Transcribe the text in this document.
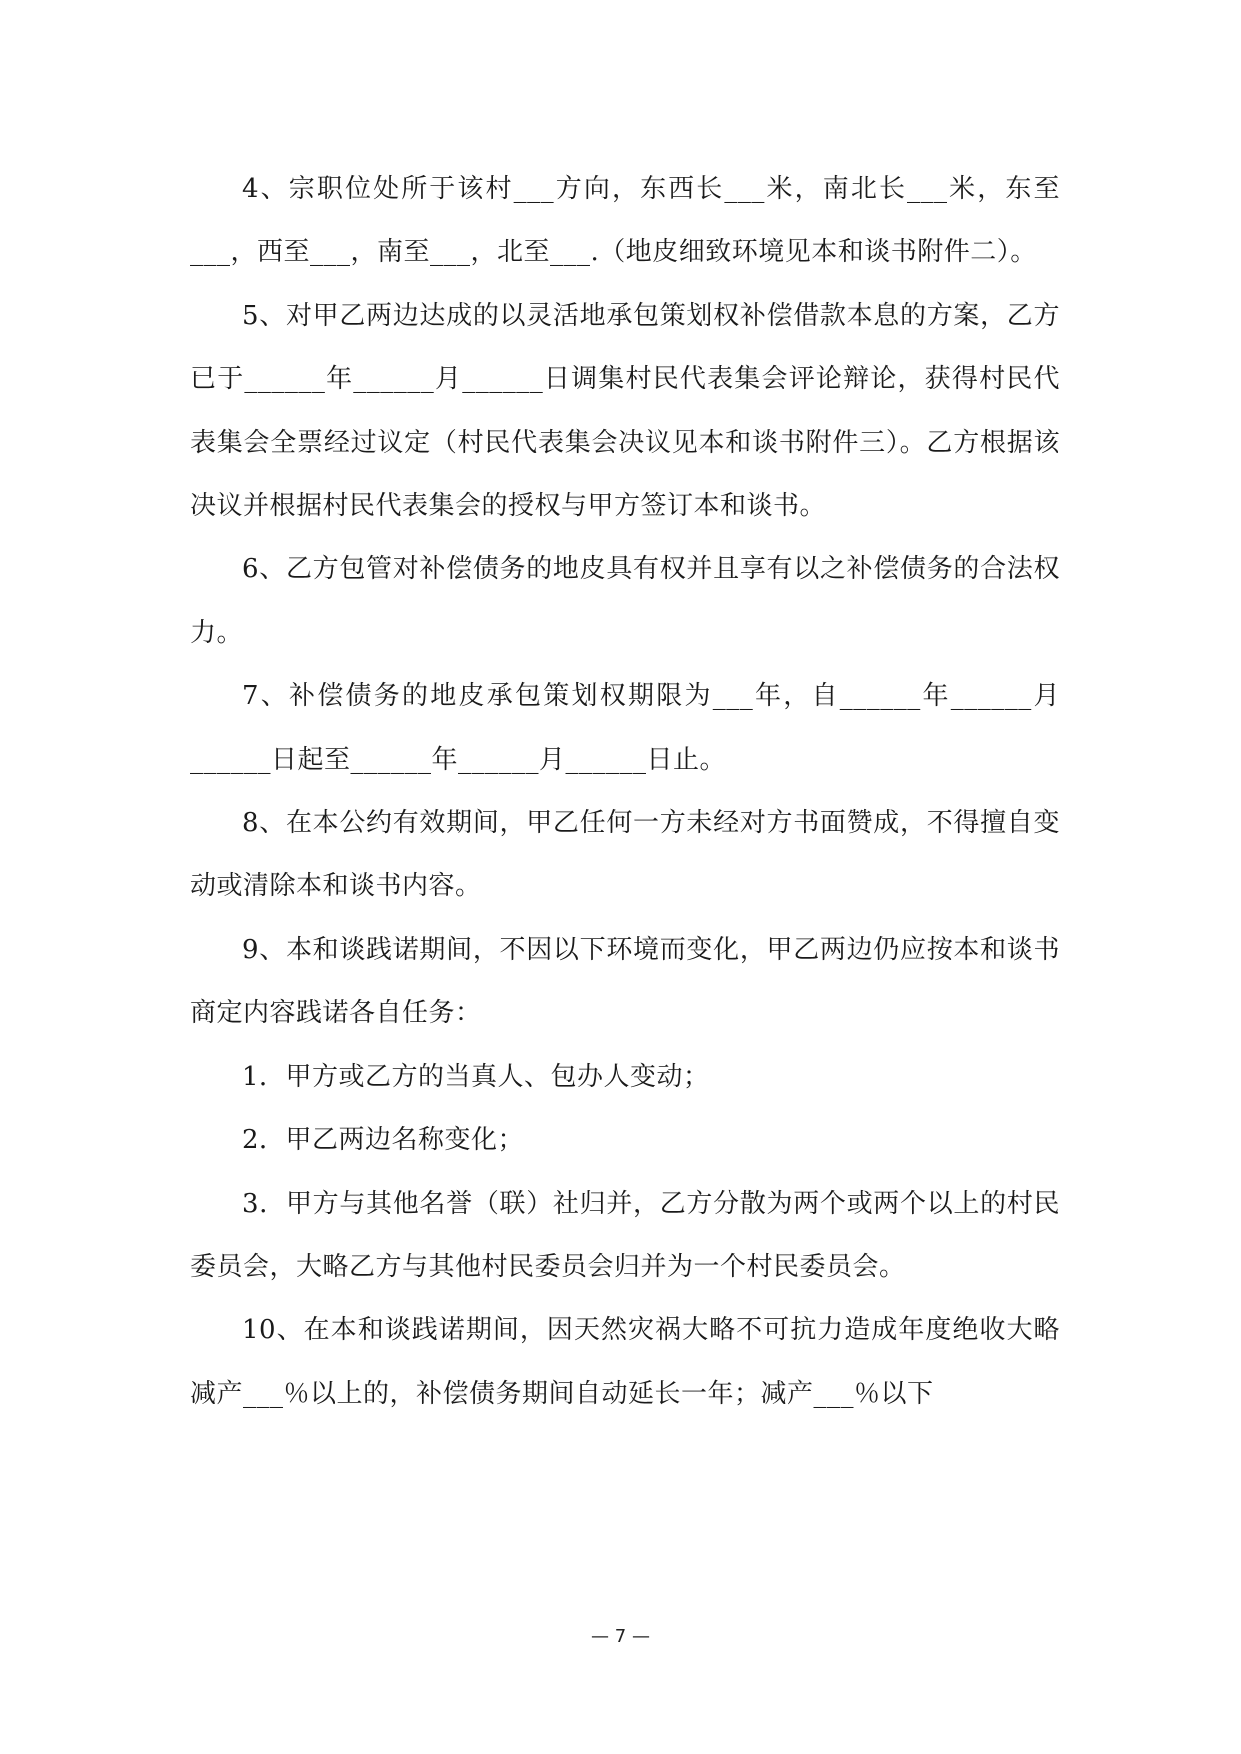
4、宗职位处所于该村___方向，东西长___米，南北长___米，东至___，西至___，南至___，北至___.（地皮细致环境见本和谈书附件二）。

5、对甲乙两边达成的以灵活地承包策划权补偿借款本息的方案，乙方已于______年______月______日调集村民代表集会评论辩论，获得村民代表集会全票经过议定（村民代表集会决议见本和谈书附件三）。乙方根据该决议并根据村民代表集会的授权与甲方签订本和谈书。

6、乙方包管对补偿债务的地皮具有权并且享有以之补偿债务的合法权力。

7、补偿债务的地皮承包策划权期限为___年，自______年______月______日起至______年______月______日止。

8、在本公约有效期间，甲乙任何一方未经对方书面赞成，不得擅自变动或清除本和谈书内容。

9、本和谈践诺期间，不因以下环境而变化，甲乙两边仍应按本和谈书商定内容践诺各自任务：

1．甲方或乙方的当真人、包办人变动；

2．甲乙两边名称变化；

3．甲方与其他名誉（联）社归并，乙方分散为两个或两个以上的村民委员会，大略乙方与其他村民委员会归并为一个村民委员会。

10、在本和谈践诺期间，因天然灾祸大略不可抗力造成年度绝收大略减产___％以上的，补偿债务期间自动延长一年；减产___％以下

— 7 —
